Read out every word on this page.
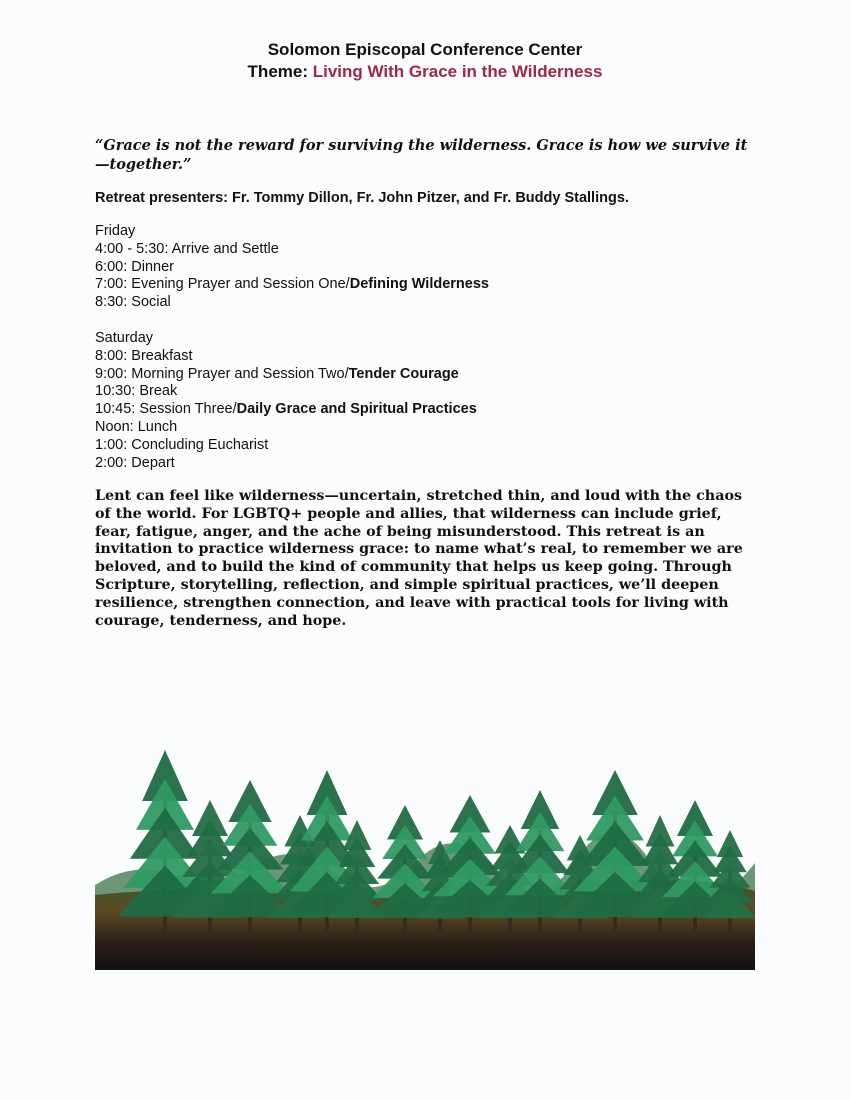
Solomon Episcopal Conference Center
Theme: Living With Grace in the Wilderness
“Grace is not the reward for surviving the wilderness. Grace is how we survive it—together.”
Retreat presenters: Fr. Tommy Dillon, Fr. John Pitzer, and Fr. Buddy Stallings.
Friday
4:00 - 5:30: Arrive and Settle
6:00: Dinner
7:00: Evening Prayer and Session One/Defining Wilderness
8:30: Social
Saturday
8:00: Breakfast
9:00: Morning Prayer and Session Two/Tender Courage
10:30: Break
10:45: Session Three/Daily Grace and Spiritual Practices
Noon: Lunch
1:00: Concluding Eucharist
2:00: Depart
Lent can feel like wilderness—uncertain, stretched thin, and loud with the chaos of the world. For LGBTQ+ people and allies, that wilderness can include grief, fear, fatigue, anger, and the ache of being misunderstood. This retreat is an invitation to practice wilderness grace: to name what’s real, to remember we are beloved, and to build the kind of community that helps us keep going. Through Scripture, storytelling, reflection, and simple spiritual practices, we’ll deepen resilience, strengthen connection, and leave with practical tools for living with courage, tenderness, and hope.
